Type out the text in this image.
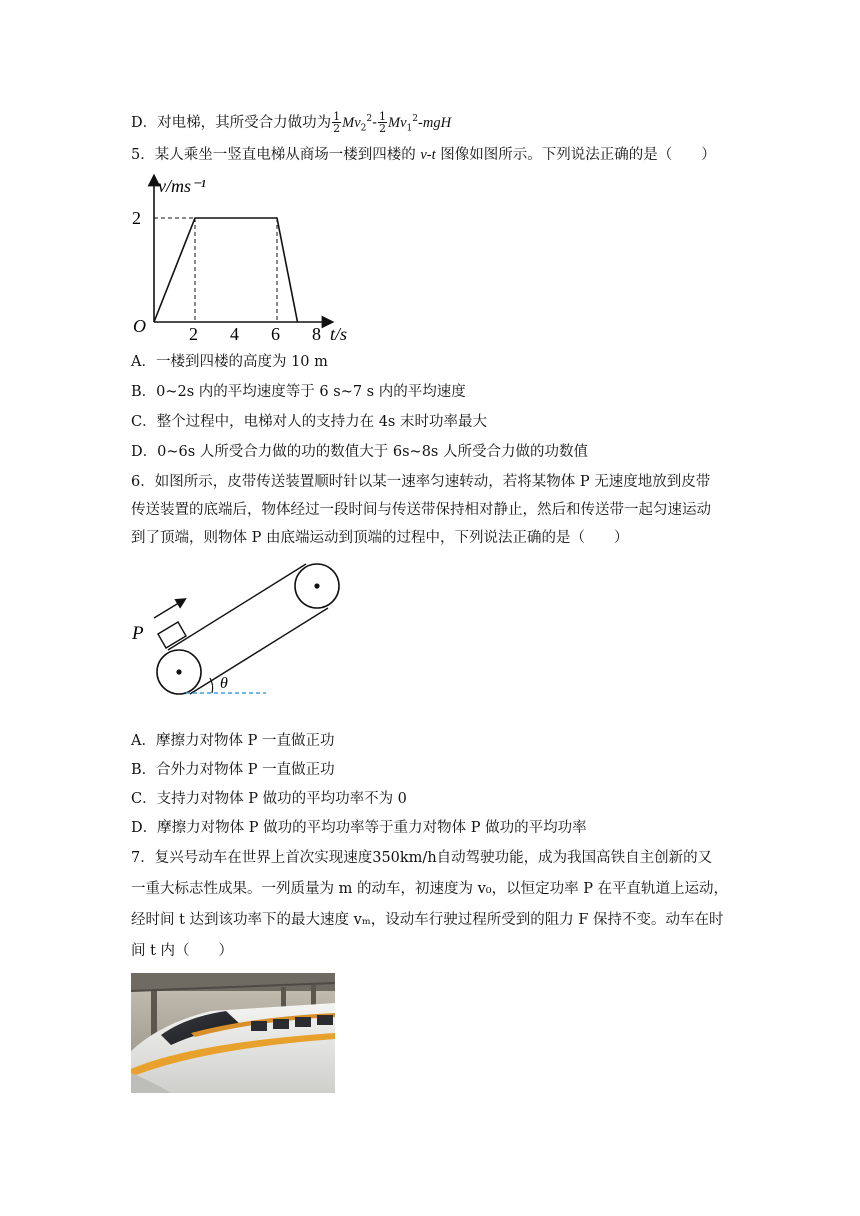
D．对电梯，其所受合力做功为 $\frac{1}{2} Mv_2^2- \frac{1}{2} Mv_1^2-mgH$
5．某人乘坐一竖直电梯从商场一楼到四楼的 v-t 图像如图所示。下列说法正确的是（　　）
v/ms⁻¹
t/s
O 2 4 6 8
2
A．一楼到四楼的高度为 10 m
B．0~2s 内的平均速度等于 6 s~7 s 内的平均速度
C．整个过程中，电梯对人的支持力在 4s 末时功率最大
D．0~6s 人所受合力做的功的数值大于 6s~8s 人所受合力做的功数值
6．如图所示，皮带传送装置顺时针以某一速率匀速转动，若将某物体 P 无速度地放到皮带
传送装置的底端后，物体经过一段时间与传送带保持相对静止，然后和传送带一起匀速运动
到了顶端，则物体 P 由底端运动到顶端的过程中，下列说法正确的是（　　）
P
θ
A．摩擦力对物体 P 一直做正功
B．合外力对物体 P 一直做正功
C．支持力对物体 P 做功的平均功率不为 0
D．摩擦力对物体 P 做功的平均功率等于重力对物体 P 做功的平均功率
7．复兴号动车在世界上首次实现速度350km/h自动驾驶功能，成为我国高铁自主创新的又
一重大标志性成果。一列质量为 m 的动车，初速度为 v₀，以恒定功率 P 在平直轨道上运动，
经时间 t 达到该功率下的最大速度 vₘ，设动车行驶过程所受到的阻力 F 保持不变。动车在时
间 t 内（　　）
